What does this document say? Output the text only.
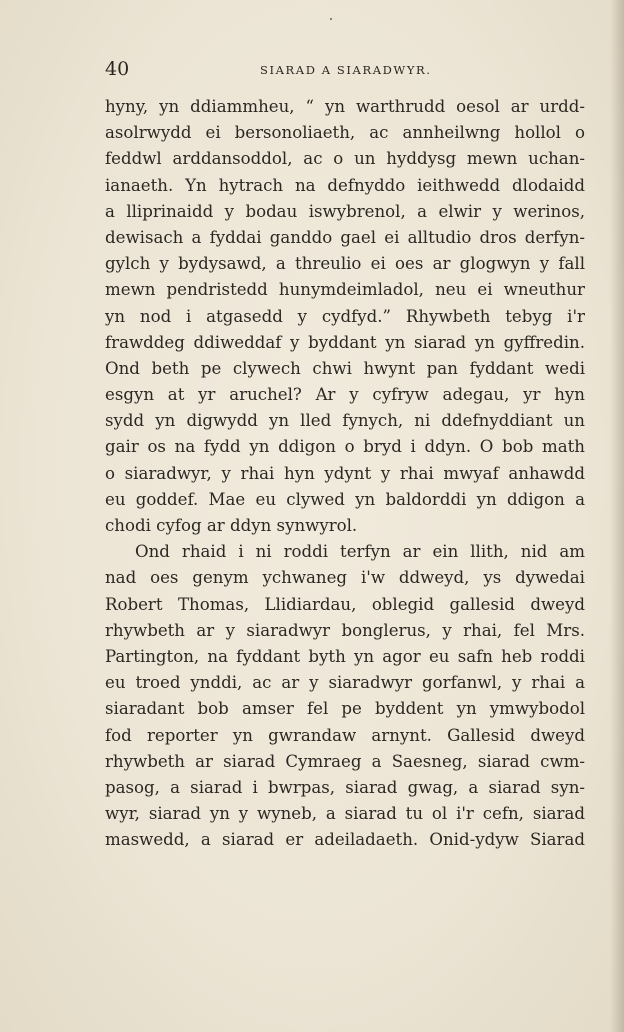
40	SIARAD A SIARADWYR.
hyny, yn ddiammheu, “ yn warthrudd oesol ar urdd-
asolrwydd ei bersonoliaeth, ac annheilwng hollol o
feddwl arddansoddol, ac o un hyddysg mewn uchan-
ianaeth. Yn hytrach na defnyddo ieithwedd dlodaidd
a lliprinaidd y bodau iswybrenol, a elwir y werinos,
dewisach a fyddai ganddo gael ei alltudio dros derfyn-
gylch y bydysawd, a threulio ei oes ar glogwyn y fall
mewn pendristedd hunymdeimladol, neu ei wneuthur
yn nod i atgasedd y cydfyd.” Rhywbeth tebyg i'r
frawddeg ddiweddaf y byddant yn siarad yn gyffredin.
Ond beth pe clywech chwi hwynt pan fyddant wedi
esgyn at yr aruchel? Ar y cyfryw adegau, yr hyn
sydd yn digwydd yn lled fynych, ni ddefnyddiant un
gair os na fydd yn ddigon o bryd i ddyn. O bob math
o siaradwyr, y rhai hyn ydynt y rhai mwyaf anhawdd
eu goddef. Mae eu clywed yn baldorddi yn ddigon a
chodi cyfog ar ddyn synwyrol.
Ond rhaid i ni roddi terfyn ar ein llith, nid am
nad oes genym ychwaneg i'w ddweyd, ys dywedai
Robert Thomas, Llidiardau, oblegid gallesid dweyd
rhywbeth ar y siaradwyr bonglerus, y rhai, fel Mrs.
Partington, na fyddant byth yn agor eu safn heb roddi
eu troed ynddi, ac ar y siaradwyr gorfanwl, y rhai a
siaradant bob amser fel pe byddent yn ymwybodol
fod reporter yn gwrandaw arnynt. Gallesid dweyd
rhywbeth ar siarad Cymraeg a Saesneg, siarad cwm-
pasog, a siarad i bwrpas, siarad gwag, a siarad syn-
wyr, siarad yn y wyneb, a siarad tu ol i'r cefn, siarad
maswedd, a siarad er adeiladaeth. Onid-ydyw Siarad
